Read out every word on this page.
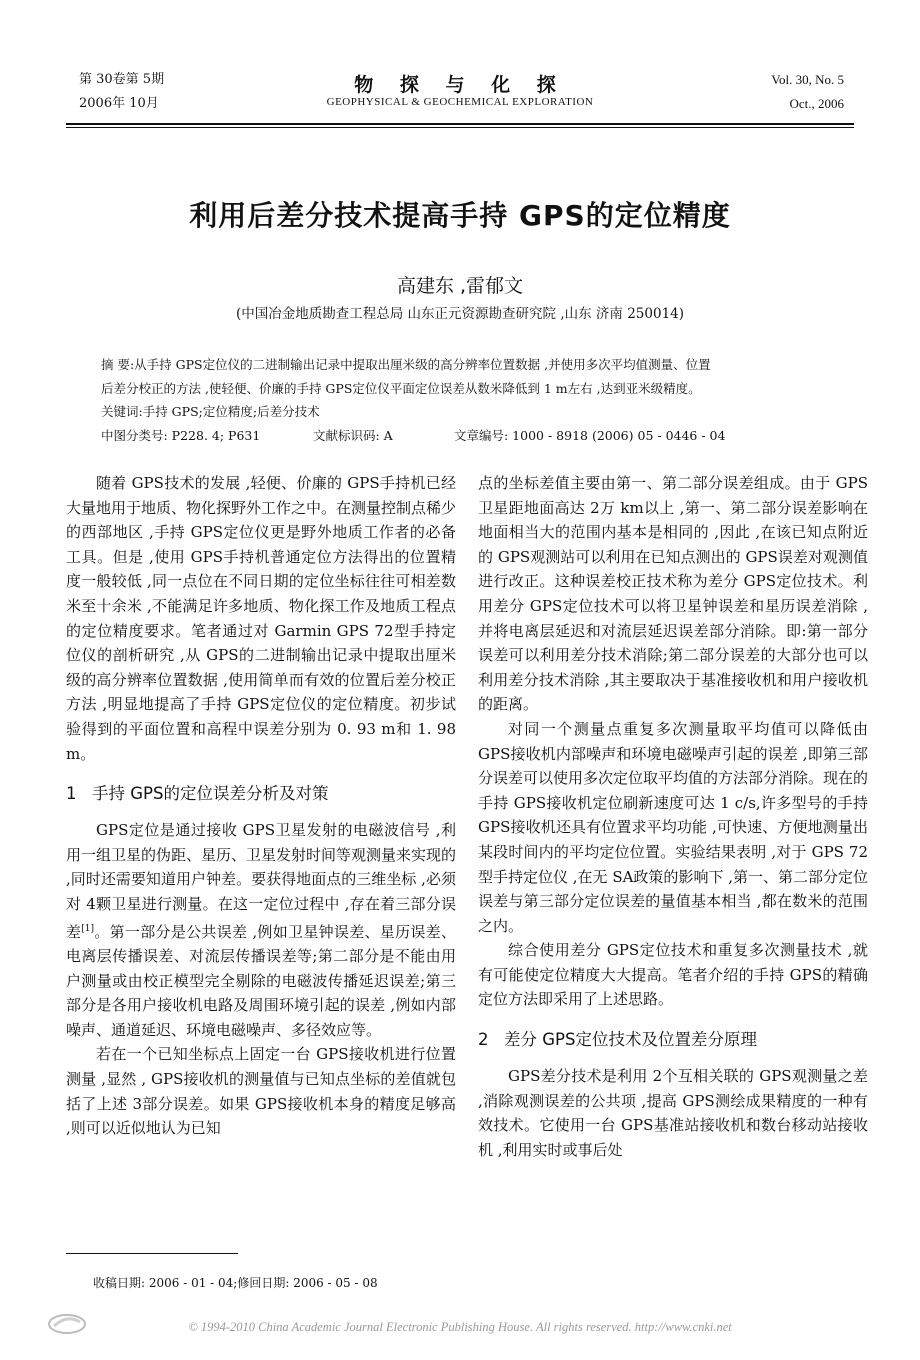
第 30卷第 5期
2006年 10月
物 探 与 化 探
GEOPHYSICAL & GEOCHEMICAL EXPLORATION
Vol. 30, No. 5
Oct., 2006
利用后差分技术提高手持 GPS的定位精度
高建东 ,雷郁文
(中国冶金地质勘查工程总局 山东正元资源勘查研究院 ,山东 济南 250014)
摘 要:从手持 GPS定位仪的二进制输出记录中提取出厘米级的高分辨率位置数据 ,并使用多次平均值测量、位置
后差分校正的方法 ,使轻便、价廉的手持 GPS定位仪平面定位误差从数米降低到 1 m左右 ,达到亚米级精度。
关键词:手持 GPS;定位精度;后差分技术
中图分类号: P228. 4; P631	文献标识码: A	文章编号: 1000 - 8918 (2006) 05 - 0446 - 04

随着 GPS技术的发展 ,轻便、价廉的 GPS手持机已经大量地用于地质、物化探野外工作之中。在测量控制点稀少的西部地区 ,手持 GPS定位仪更是野外地质工作者的必备工具。但是 ,使用 GPS手持机普通定位方法得出的位置精度一般较低 ,同一点位在不同日期的定位坐标往往可相差数米至十余米 ,不能满足许多地质、物化探工作及地质工程点的定位精度要求。笔者通过对 Garmin GPS 72型手持定位仪的剖析研究 ,从 GPS的二进制输出记录中提取出厘米级的高分辨率位置数据 ,使用简单而有效的位置后差分校正方法 ,明显地提高了手持 GPS定位仪的定位精度。初步试验得到的平面位置和高程中误差分别为 0. 93 m和 1. 98 m。

1 手持 GPS的定位误差分析及对策

GPS定位是通过接收 GPS卫星发射的电磁波信号 ,利用一组卫星的伪距、星历、卫星发射时间等观测量来实现的 ,同时还需要知道用户钟差。要获得地面点的三维坐标 ,必须对 4颗卫星进行测量。在这一定位过程中 ,存在着三部分误差[1]。第一部分是公共误差 ,例如卫星钟误差、星历误差、电离层传播误差、对流层传播误差等;第二部分是不能由用户测量或由校正模型完全剔除的电磁波传播延迟误差;第三部分是各用户接收机电路及周围环境引起的误差 ,例如内部噪声、通道延迟、环境电磁噪声、多径效应等。

若在一个已知坐标点上固定一台 GPS接收机进行位置测量 ,显然 , GPS接收机的测量值与已知点坐标的差值就包括了上述 3部分误差。如果 GPS接收机本身的精度足够高 ,则可以近似地认为已知

点的坐标差值主要由第一、第二部分误差组成。由于 GPS卫星距地面高达 2万 km以上 ,第一、第二部分误差影响在地面相当大的范围内基本是相同的 ,因此 ,在该已知点附近的 GPS观测站可以利用在已知点测出的 GPS误差对观测值进行改正。这种误差校正技术称为差分 GPS定位技术。利用差分 GPS定位技术可以将卫星钟误差和星历误差消除 ,并将电离层延迟和对流层延迟误差部分消除。即:第一部分误差可以利用差分技术消除;第二部分误差的大部分也可以利用差分技术消除 ,其主要取决于基准接收机和用户接收机的距离。

对同一个测量点重复多次测量取平均值可以降低由 GPS接收机内部噪声和环境电磁噪声引起的误差 ,即第三部分误差可以使用多次定位取平均值的方法部分消除。现在的手持 GPS接收机定位刷新速度可达 1 c/s,许多型号的手持 GPS接收机还具有位置求平均功能 ,可快速、方便地测量出某段时间内的平均定位位置。实验结果表明 ,对于 GPS 72型手持定位仪 ,在无 SA政策的影响下 ,第一、第二部分定位误差与第三部分定位误差的量值基本相当 ,都在数米的范围之内。

综合使用差分 GPS定位技术和重复多次测量技术 ,就有可能使定位精度大大提高。笔者介绍的手持 GPS的精确定位方法即采用了上述思路。

2 差分 GPS定位技术及位置差分原理

GPS差分技术是利用 2个互相关联的 GPS观测量之差 ,消除观测误差的公共项 ,提高 GPS测绘成果精度的一种有效技术。它使用一台 GPS基准站接收机和数台移动站接收机 ,利用实时或事后处

收稿日期: 2006 - 01 - 04;修回日期: 2006 - 05 - 08
© 1994-2010 China Academic Journal Electronic Publishing House. All rights reserved. http://www.cnki.net
